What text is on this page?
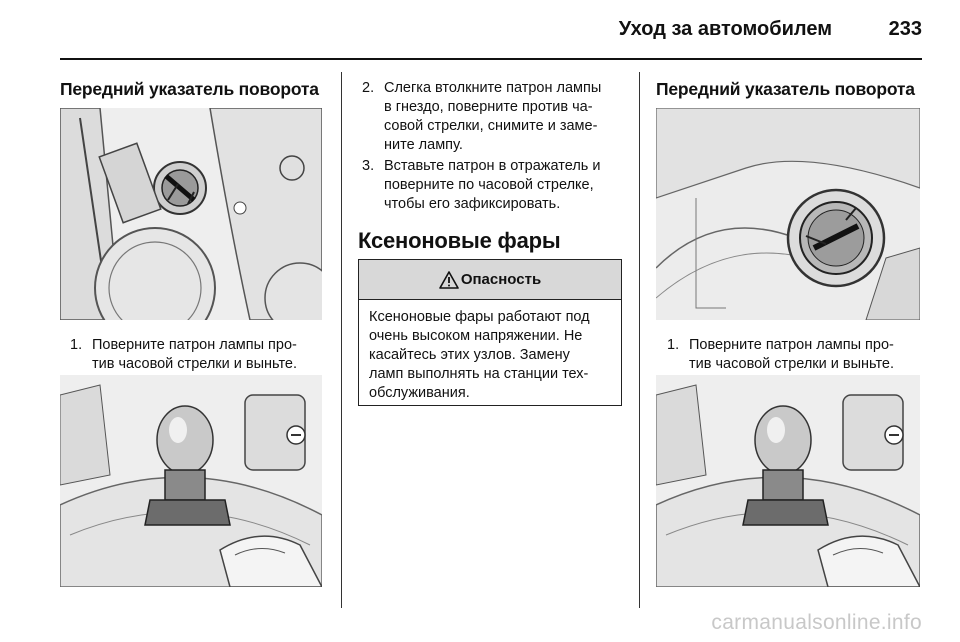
Уход за автомобилем	233
Передний указатель поворота
1. Поверните патрон лампы про-
тив часовой стрелки и выньте.
2. Слегка втолкните патрон лампы
в гнездо, поверните против ча-
совой стрелки, снимите и заме-
ните лампу.
3. Вставьте патрон в отражатель и
поверните по часовой стрелке,
чтобы его зафиксировать.
Ксеноновые фары
Опасность
Ксеноновые фары работают под
очень высоком напряжении. Не
касайтесь этих узлов. Замену
ламп выполнять на станции тех-
обслуживания.
Передний указатель поворота
1. Поверните патрон лампы про-
тив часовой стрелки и выньте.
carmanualsonline.info
